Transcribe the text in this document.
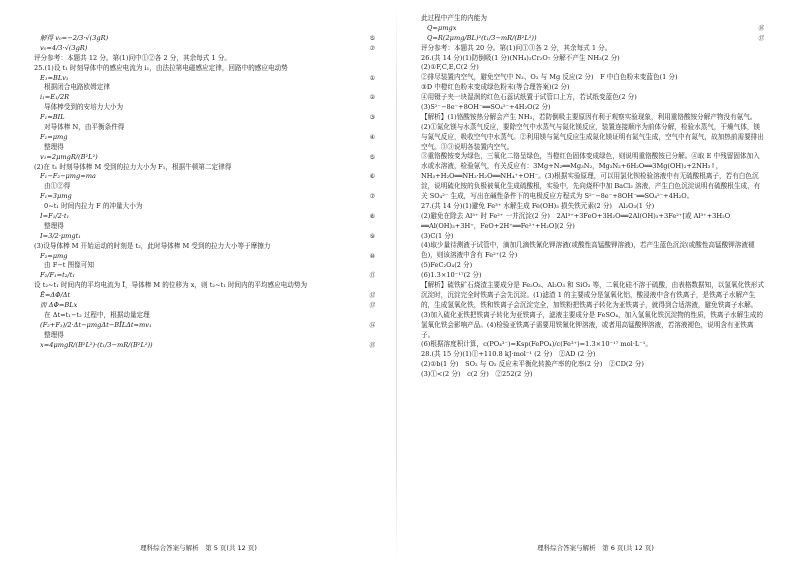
解得 v₀=−2/3·√(3gR)	⑤
v₀=4/3·√(3gR)	⑦
评分参考：本题共 12 分。第(1)问中①②各 2 分，其余每式 1 分。
25.(1)设 t₁ 时刻导体中的感应电流为 i₁，由法拉第电磁感应定律，回路中的感应电动势
E₁=BLv₁	①
根据闭合电路欧姆定律
i₁=E₁/2R	②
导体棒受到的安培力大小为
F₁=BIL	③
对导体棒 N，由平衡条件得
F₁=μmg	④
整理得
v₁=2μmgR/(B²L²)	⑤
(2)在 t₁ 时刻导体棒 M 受到的拉力大小为 F₁，根据牛顿第二定律得
F₁−F₂−μmg=ma	⑥
由①②得
F₁=3μmg	⑦
0~t₁ 时间内拉力 F 的冲量大小为
I=F₁/2·t₁	⑧
整理得
I=3/2·μmgt₁	⑨
(3)设导体棒 M 开始运动的时刻是 t₂，此时导体棒 M 受到的拉力大小等于摩擦力
F₂=μmg	⑩
由 F−t 图像可知
F₂/F₁=t₂/t₁	⑪
设 t₂~t₁ 时间内的平均电流为 Ī，导体棒 M 的位移为 x，则 t₂~t₁ 时间内的平均感应电动势为
Ē=ΔΦ/Δt	⑫
而 ΔΦ=BLx	⑬
在 Δt=t₁−t₂ 过程中，根据动量定理
(F₂+F₁)/2·Δt−μmgΔt−BĪLΔt=mv₁	⑭
整理得
x=4μmgR/(B²L²)·(t₁/3−mR/(B²L²))	⑮
理科综合答案与解析　第 5 页(共 12 页)
此过程中产生的内能为
Q=μmgx	⑯
Q=R(2μmg/BL)²(t₁/3−mR/(B²L²))	⑰
评分参考：本题共 20 分。第(1)问①③各 2 分，其余每式 1 分。
26.(共 14 分)(1)防倒吸(1 分)(NH₄)₂Cr₂O₇ 分解不产生 NH₃(2 分)
(2)①F,C,E,C(2 分)
②排尽装置内空气，避免空气中 N₂、O₂ 与 Mg 反应(2 分)　F 中白色粉末变蓝色(1 分)
③D 中橙红色粉末变成绿色粉末(等合理答案)(2 分)
④用镊子夹一块湿润的红色石蕊试纸置于试管口上方，若试纸变蓝色(2 分)
(3)S²⁻−8e⁻+8OH⁻══SO₄²⁻+4H₂O(2 分)
【解析】(1)铬酸铵热分解会产生 NH₃，若防倒吸主要原因有利于观察实验现象，利用重铬酸铵分解产物没有氨气。(2)①氮化镁与水蒸气反应，要除空气中水蒸气与氮化镁反应，装置连接顺序为前体分解，检验水蒸气，干燥气体，镁与氮气反应，吸收空气中水蒸气。②利用镁与氮气反应生成氮化镁证明有氮气生成，空气中有氮气，故加热前需要排出空气。③③说明各装置内空气。
③重铬酸铵变为绿色，三氧化二铬呈绿色，当橙红色固体变成绿色，则说明重铬酸铵已分解。④取 E 中残留固体加入水或水溶液，检验氨气，有关反应有：3Mg+N₂══Mg₃N₂，Mg₃N₂+6H₂O══3Mg(OH)₂+2NH₃↑，NH₃+H₂O══NH₃·H₂O══NH₄⁺+OH⁻。(3)根据实验原理，可以用氯化钡检验溶液中有无硫酸根离子，若有白色沉淀，说明硫化铵的负极被氧化生成硫酸根，实验中，先向烧杯中加 BaCl₂ 溶液，产生白色沉淀说明有硫酸根生成，有关 SO₄²⁻ 生成，写出在碱性条件下的电极反应方程式为 S²⁻−8e⁻+8OH⁻══SO₄²⁻+4H₂O。
27.(共 14 分)(1)避免 Fe³⁺ 水解生成 Fe(OH)₃ 损失铁元素(2 分)　Al₂O₃(1 分)
(2)避免在除去 Al³⁺ 时 Fe²⁺ 一并沉淀(2 分)　2Al³⁺+3FeO+3H₂O══2Al(OH)₃+3Fe²⁺[或 Al³⁺+3H₂O ══Al(OH)₃+3H⁺，FeO+2H⁺══Fe²⁺+H₂O](2 分)
(3)C(1 分)
(4)取少量待测液于试管中，滴加几滴铁氰化钾溶液(或酸性高锰酸钾溶液)，若产生蓝色沉淀(或酸性高锰酸钾溶液褪色)，则该溶液中含有 Fe²⁺(2 分)
(5)FeC₂O₄(2 分)
(6)1.3×10⁻¹⁷(2 分)
【解析】硫铁矿石烧渣主要成分是 Fe₂O₃、Al₂O₃ 和 SiO₂ 等，二氧化硅不溶于硫酸，由表格数据知，以氢氧化铁形式沉淀时，沉淀完全时铁离子会先沉淀。(1)滤渣 1 的主要成分是氢氧化铝，酸浸液中含有铁离子，是铁离子水解产生的，生成氢氧化铁，铁和铁离子会沉淀完全，加铁粉把铁离子转化为亚铁离子，就得到合适溶液，避免铁离子水解。(3)加入硫化亚铁把铁离子转化为亚铁离子，滤液主要成分是 FeSO₄，加入氢氧化铁沉淀物的性质，铁离子水解生成的氢氧化铁会影响产品。(4)检验亚铁离子需要用铁氰化钾溶液，或者用高锰酸钾溶液，若溶液褪色，说明含有亚铁离子。
(6)根据溶度积计算，c(PO₄³⁻)=Ksp(FePO₄)/c(Fe³⁺)=1.3×10⁻¹⁷ mol·L⁻¹。
28.(共 15 分)(1)①+110.8 kJ·mol⁻¹ (2 分)　②AD (2 分)
(2)①b(1 分)　SO₂ 与 O₂ 反应未平衡化转换产率的化率(2 分)　②CD(2 分)
(3)①<(2 分)　c(2 分)　②252(2 分)
理科综合答案与解析　第 6 页(共 12 页)
